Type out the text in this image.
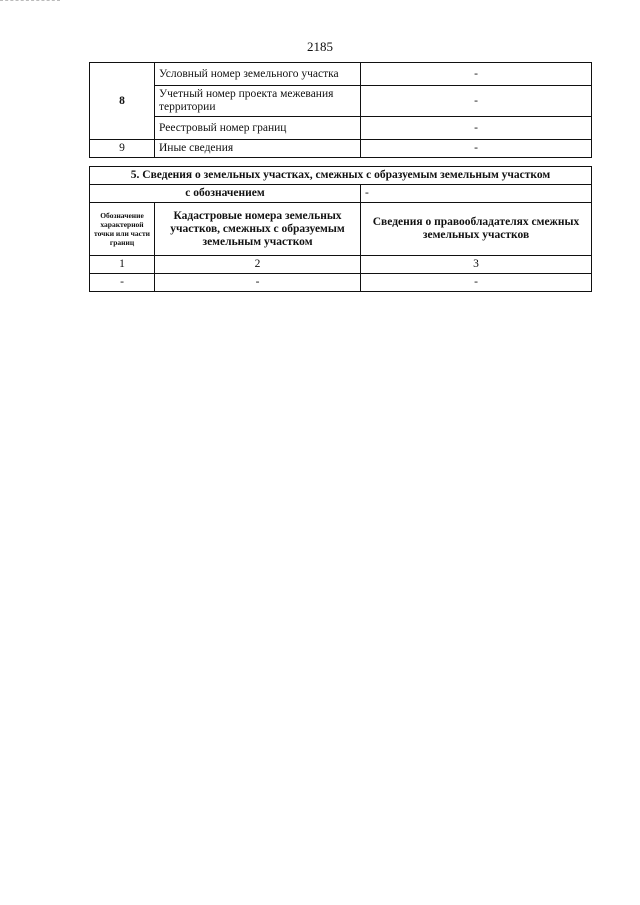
2185
8	Условный номер земельного участка	-
	Учетный номер проекта межевания территории	-
	Реестровый номер границ	-
9	Иные сведения	-
5. Сведения о земельных участках, смежных с образуемым земельным участком		
с обозначением		-
Обозначение характерной точки или части границ	Кадастровые номера земельных участков, смежных с образуемым земельным участком	Сведения о правообладателях смежных земельных участков
1	2	3
-	-	-
